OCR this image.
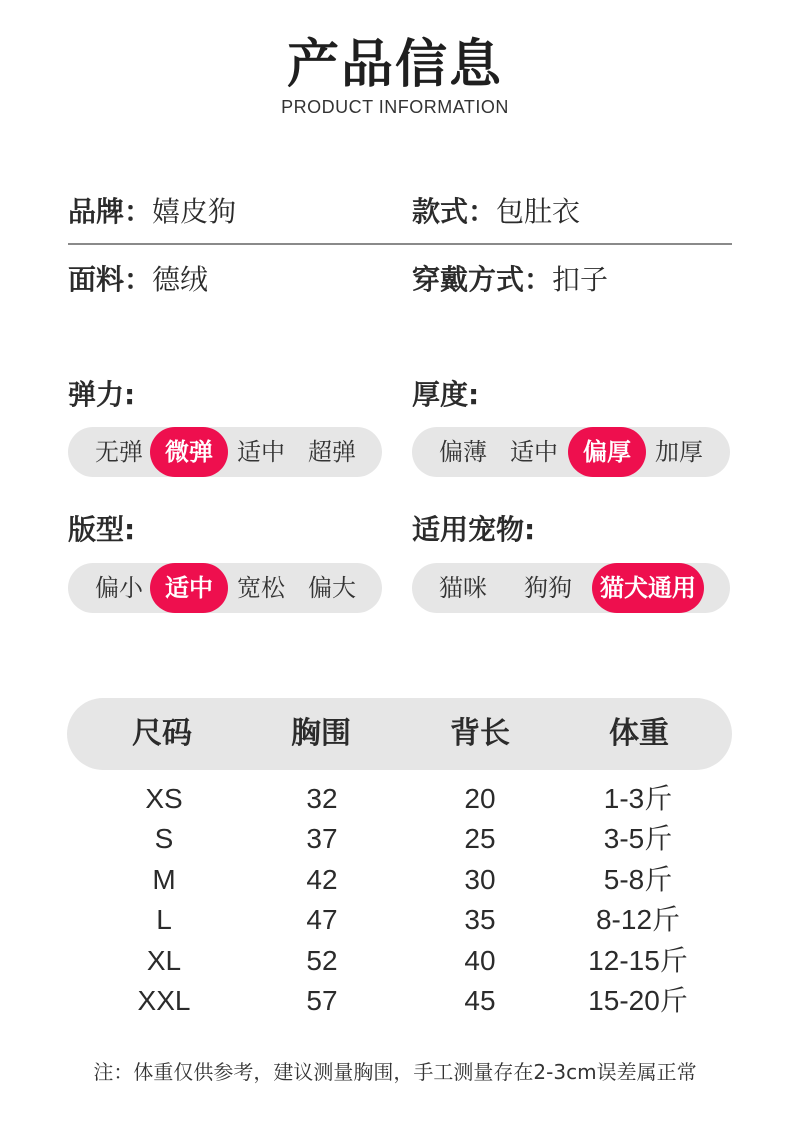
产品信息
PRODUCT INFORMATION
品牌：嬉皮狗	款式：包肚衣
面料：德绒	穿戴方式：扣子
弹力:
无弹 微弹	适中 超弹
厚度:
偏薄 适中	偏厚	加厚
版型:
偏小 适中	宽松 偏大
适用宠物:
猫咪	狗狗	猫犬通用
尺码	胸围	背长	体重
XS	32	20	1-3斤
S	37	25	3-5斤
M	42	30	5-8斤
L	47	35	8-12斤
XL	52	40	12-15斤
XXL	57	45	15-20斤
注：体重仅供参考，建议测量胸围，手工测量存在2-3cm误差属正常
